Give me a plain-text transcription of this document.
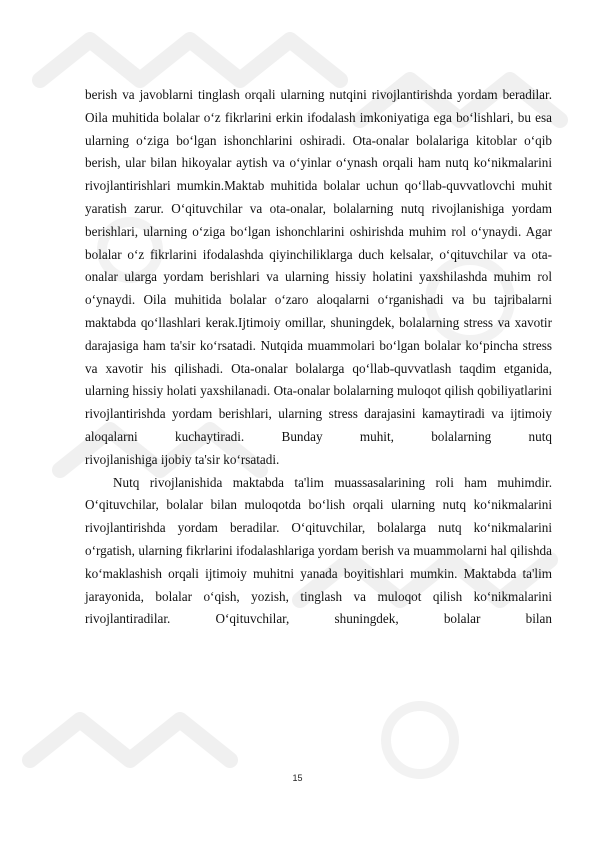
berish va javoblarni tinglash orqali ularning nutqini rivojlantirishda yordam beradilar. Oila muhitida bolalar o‘z fikrlarini erkin ifodalash imkoniyatiga ega bo‘lishlari, bu esa ularning o‘ziga bo‘lgan ishonchlarini oshiradi. Ota-onalar bolalariga kitoblar o‘qib berish, ular bilan hikoyalar aytish va o‘yinlar o‘ynash orqali ham nutq ko‘nikmalarini rivojlantirishlari mumkin.Maktab muhitida bolalar uchun qo‘llab-quvvatlovchi muhit yaratish zarur. O‘qituvchilar va ota-onalar, bolalarning nutq rivojlanishiga yordam berishlari, ularning o‘ziga bo‘lgan ishonchlarini oshirishda muhim rol o‘ynaydi. Agar bolalar o‘z fikrlarini ifodalashda qiyinchiliklarga duch kelsalar, o‘qituvchilar va ota-onalar ularga yordam berishlari va ularning hissiy holatini yaxshilashda muhim rol o‘ynaydi. Oila muhitida bolalar o‘zaro aloqalarni o‘rganishadi va bu tajribalarni maktabda qo‘llashlari kerak.Ijtimoiy omillar, shuningdek, bolalarning stress va xavotir darajasiga ham ta'sir ko‘rsatadi. Nutqida muammolari bo‘lgan bolalar ko‘pincha stress va xavotir his qilishadi. Ota-onalar bolalarga qo‘llab-quvvatlash taqdim etganida, ularning hissiy holati yaxshilanadi. Ota-onalar bolalarning muloqot qilish qobiliyatlarini rivojlantirishda yordam berishlari, ularning stress darajasini kamaytiradi va ijtimoiy aloqalarni kuchaytiradi. Bunday muhit, bolalarning nutq
rivojlanishiga ijobiy ta'sir ko‘rsatadi.

Nutq rivojlanishida maktabda ta'lim muassasalarining roli ham muhimdir. O‘qituvchilar, bolalar bilan muloqotda bo‘lish orqali ularning nutq ko‘nikmalarini rivojlantirishda yordam beradilar. O‘qituvchilar, bolalarga nutq ko‘nikmalarini o‘rgatish, ularning fikrlarini ifodalashlariga yordam berish va muammolarni hal qilishda ko‘maklashish orqali ijtimoiy muhitni yanada boyitishlari mumkin. Maktabda ta'lim jarayonida, bolalar o‘qish, yozish, tinglash va muloqot qilish ko‘nikmalarini rivojlantiradilar. O‘qituvchilar, shuningdek, bolalar bilan

15
